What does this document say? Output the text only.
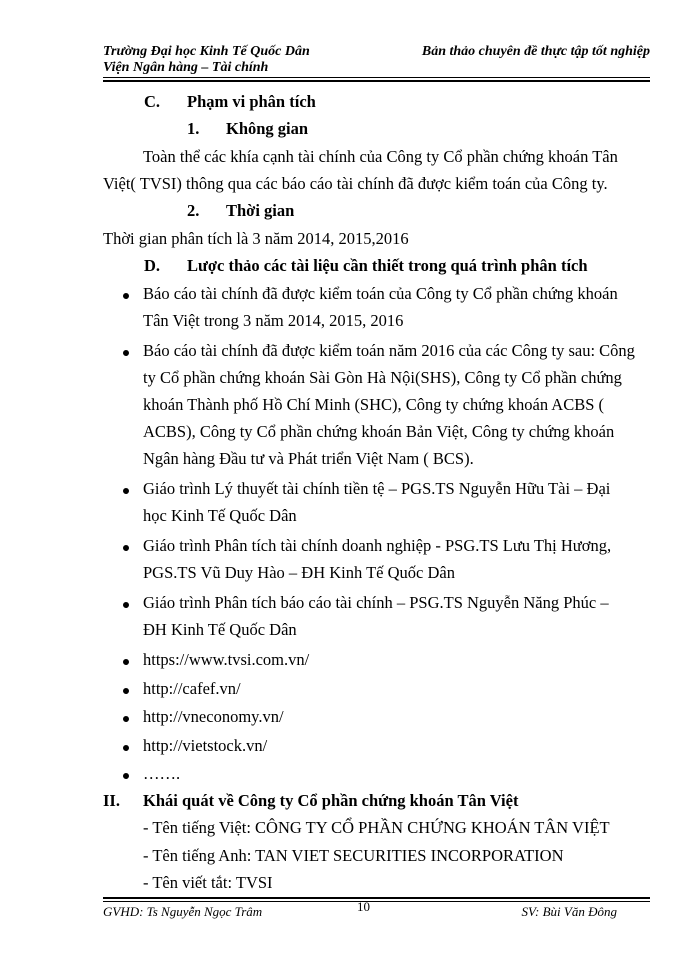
Trường Đại học Kinh Tế Quốc Dân
Viện Ngân hàng – Tài chính
Bản thảo chuyên đề thực tập tốt nghiệp
C. Phạm vi phân tích
1. Không gian
Toàn thể các khía cạnh tài chính của Công ty Cổ phần chứng khoán Tân
Việt( TVSI) thông qua các báo cáo tài chính đã được kiểm toán của Công ty.
2. Thời gian
Thời gian phân tích là 3 năm 2014, 2015,2016
D. Lược thảo các tài liệu cần thiết trong quá trình phân tích
Báo cáo tài chính đã được kiểm toán của Công ty Cổ phần chứng khoán
Tân Việt trong 3 năm 2014, 2015, 2016
Báo cáo tài chính đã được kiểm toán năm 2016 của các Công ty sau: Công
ty Cổ phần chứng khoán Sài Gòn Hà Nội(SHS), Công ty Cổ phần chứng
khoán Thành phố Hồ Chí Minh (SHC), Công ty chứng khoán ACBS (
ACBS), Công ty Cổ phần chứng khoán Bản Việt, Công ty chứng khoán
Ngân hàng Đầu tư và Phát triển Việt Nam ( BCS).
Giáo trình Lý thuyết tài chính tiền tệ – PGS.TS Nguyễn Hữu Tài – Đại
học Kinh Tế Quốc Dân
Giáo trình Phân tích tài chính doanh nghiệp - PSG.TS Lưu Thị Hương,
PGS.TS Vũ Duy Hào – ĐH Kinh Tế Quốc Dân
Giáo trình Phân tích báo cáo tài chính – PSG.TS Nguyễn Năng Phúc –
ĐH Kinh Tế Quốc Dân
https://www.tvsi.com.vn/
http://cafef.vn/
http://vneconomy.vn/
http://vietstock.vn/
…….
II. Khái quát về Công ty Cổ phần chứng khoán Tân Việt
- Tên tiếng Việt: CÔNG TY CỔ PHẦN CHỨNG KHOÁN TÂN VIỆT
- Tên tiếng Anh: TAN VIET SECURITIES INCORPORATION
- Tên viết tắt: TVSI
GVHD: Ts Nguyễn Ngọc Trâm	10	SV: Bùi Văn Đông
